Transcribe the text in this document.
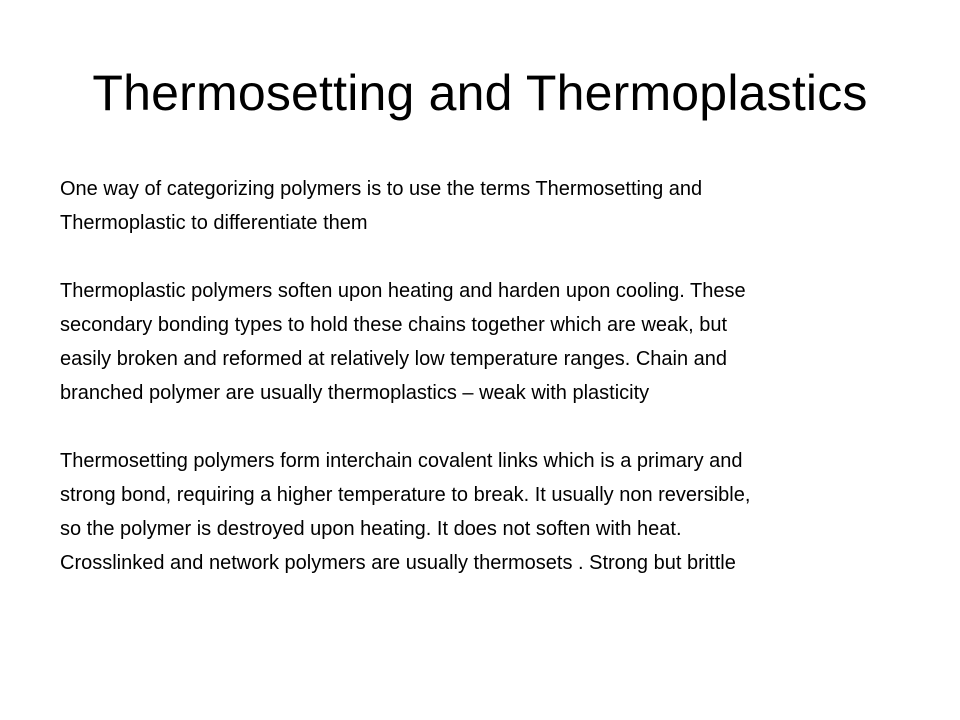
Thermosetting and Thermoplastics

One way of categorizing polymers is to use the terms Thermosetting and
Thermoplastic to differentiate them

Thermoplastic polymers soften upon heating and harden upon cooling. These
secondary bonding types to hold these chains together which are weak, but
easily broken and reformed at relatively low temperature ranges. Chain and
branched polymer are usually thermoplastics – weak with plasticity

Thermosetting polymers form interchain covalent links which is a primary and
strong bond, requiring a higher temperature to break. It usually non reversible,
so the polymer is destroyed upon heating. It does not soften with heat.
Crosslinked and network polymers are usually thermosets . Strong but brittle
